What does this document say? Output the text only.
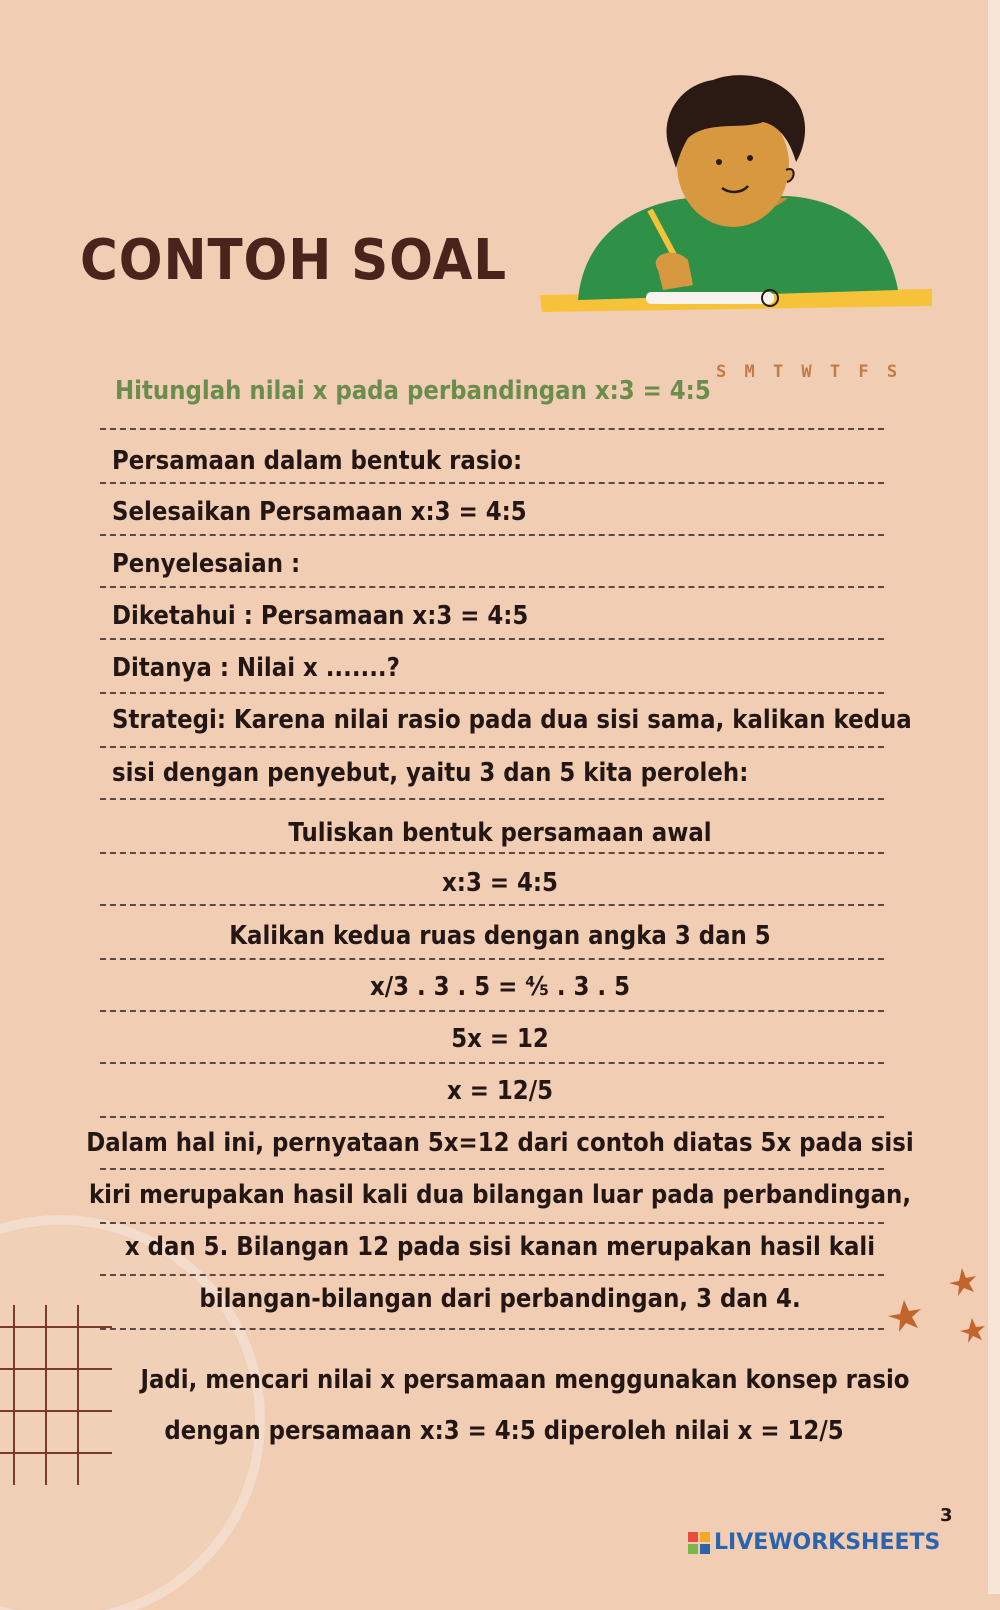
CONTOH SOAL
S M T W T F S
Hitunglah nilai x pada perbandingan x:3 = 4:5
Persamaan dalam bentuk rasio:
Selesaikan Persamaan x:3 = 4:5
Penyelesaian :
Diketahui : Persamaan x:3 = 4:5
Ditanya : Nilai x .......?
Strategi: Karena nilai rasio pada dua sisi sama, kalikan kedua
sisi dengan penyebut, yaitu 3 dan 5 kita peroleh:
Tuliskan bentuk persamaan awal
x:3 = 4:5
Kalikan kedua ruas dengan angka 3 dan 5
x/3 . 3 . 5 = ⅘ . 3 . 5
5x = 12
x = 12/5
Dalam hal ini, pernyataan 5x=12 dari contoh diatas 5x pada sisi
kiri merupakan hasil kali dua bilangan luar pada perbandingan,
x dan 5. Bilangan 12 pada sisi kanan merupakan hasil kali
bilangan-bilangan dari perbandingan, 3 dan 4.
Jadi, mencari nilai x persamaan menggunakan konsep rasio
dengan persamaan x:3 = 4:5 diperoleh nilai x = 12/5
3
LIVEWORKSHEETS
